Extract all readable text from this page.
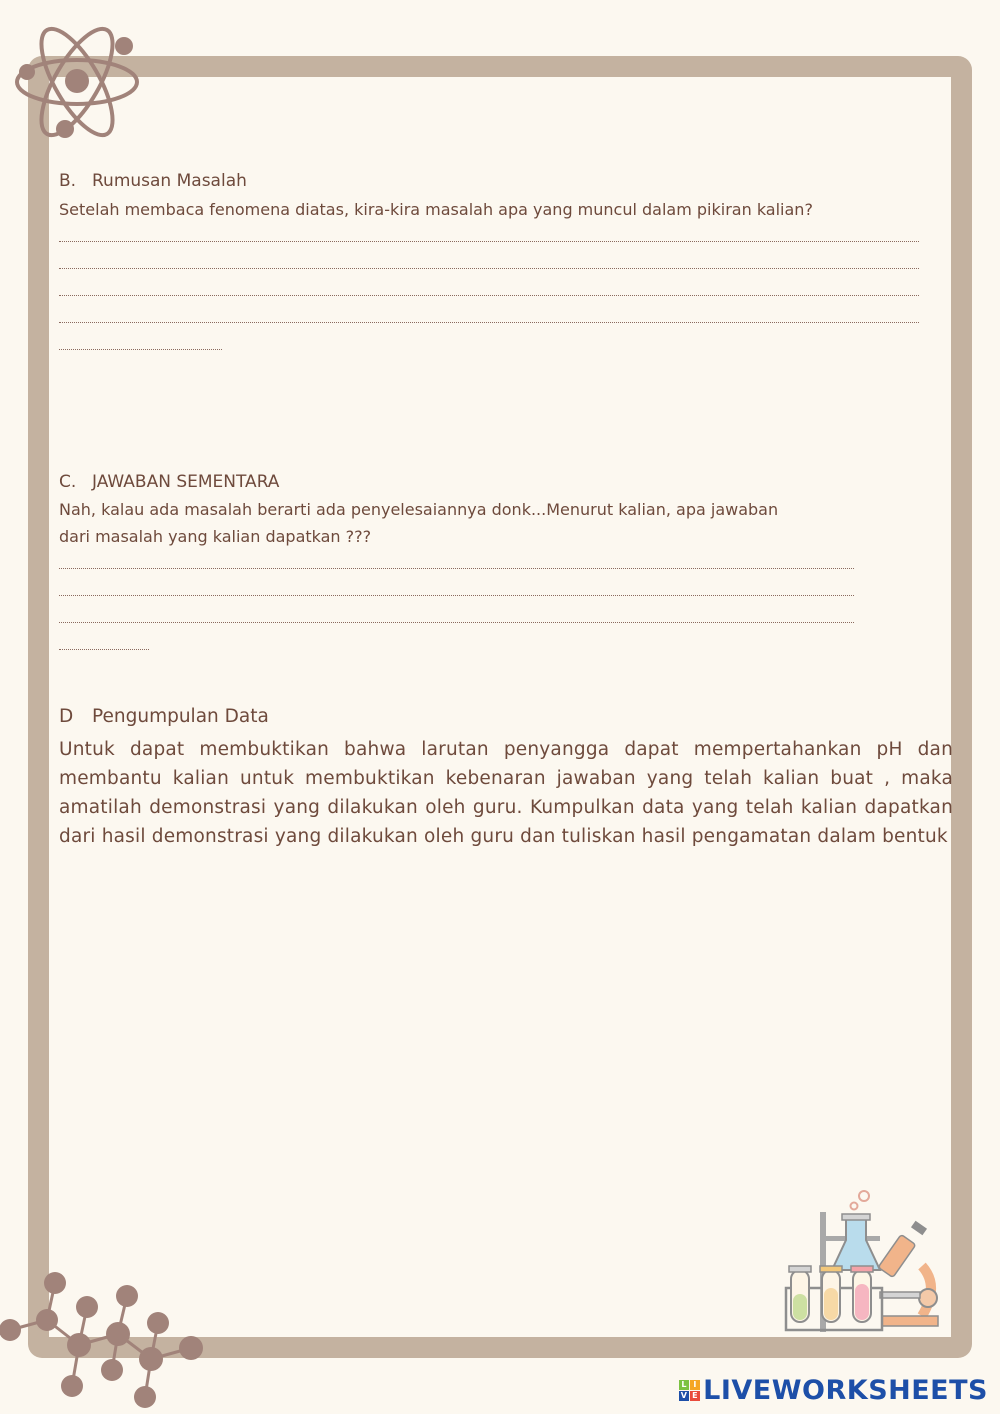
B. Rumusan Masalah
Setelah membaca fenomena diatas, kira-kira masalah apa yang muncul dalam pikiran kalian?
C. JAWABAN SEMENTARA
Nah, kalau ada masalah berarti ada penyelesaiannya donk...Menurut kalian, apa jawaban
dari masalah yang kalian dapatkan ???
D Pengumpulan Data
Untuk dapat membuktikan bahwa larutan penyangga dapat mempertahankan pH dan membantu kalian untuk membuktikan kebenaran jawaban yang telah kalian buat , maka amatilah demonstrasi yang dilakukan oleh guru. Kumpulkan data yang telah kalian dapatkan dari hasil demonstrasi yang dilakukan oleh guru dan tuliskan hasil pengamatan dalam bentuk
L I
V E LIVEWORKSHEETS
